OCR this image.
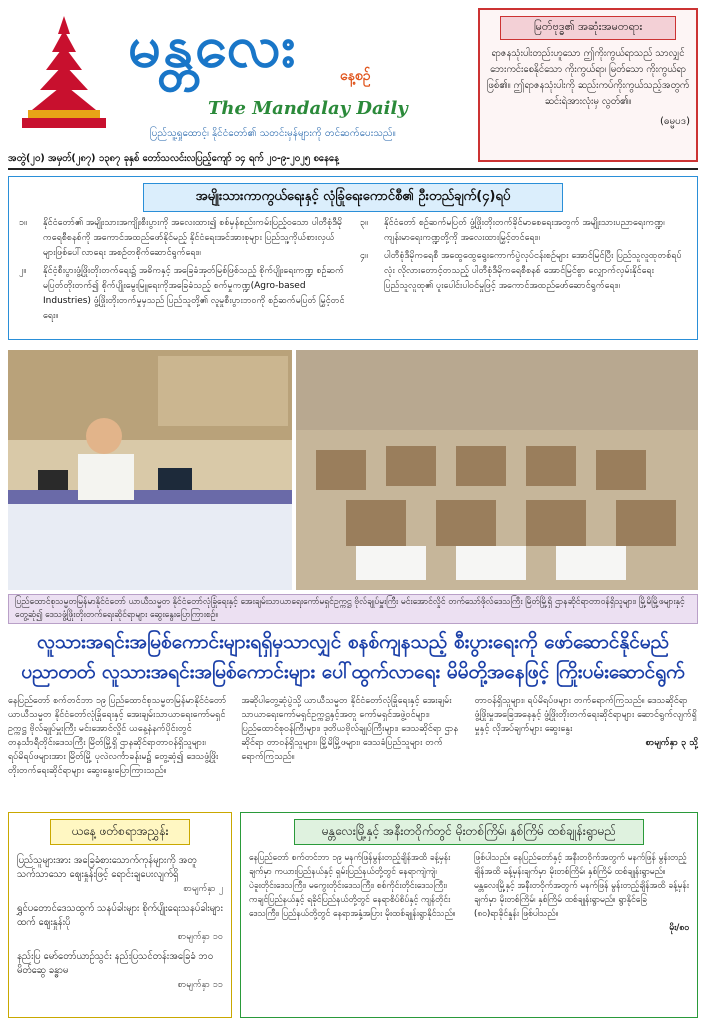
မန္တလေး	နေ့စဉ်
The Mandalay Daily
ပြည်သူ့ရှုထောင့်၊ နိုင်ငံတော်၏ သတင်းမှန်များကို တင်ဆက်ပေးသည်။
မြတ်ဗုဒ္ဓ၏ အဆုံးအမတရား
ရာဇနသုံးပါးတည်းဟူသော ဤကိုးကွယ်ရာသည် သာလျှင် ဘေးကင်းစေနိုင်သော ကိုးကွယ်ရာ၊ မြတ်သော ကိုးကွယ်ရာဖြစ်၏။ ဤရာဇနသုံးပါးကို ဆည်းကပ်ကိုးကွယ်သည့်အတွက် ဆင်းရဲအားလုံးမှ လွတ်၏။
(ဓမ္မပဒ)
အတွဲ(၂၀) အမှတ်(၂၈၇) ၁၃၈၇ ခုနှစ် တော်သလင်းလပြည့်ကျော် ၁၄ ရက် ၂၀-၉-၂၀၂၅ စနေနေ့
အမျိုးသားကာကွယ်ရေးနှင့် လုံခြုံရေးကောင်စီ၏ ဦးတည်ချက်(၄)ရပ်
၁။	နိုင်ငံတော်၏ အမျိုးသားအကျိုးစီးပွားကို အလေးထား၍ စစ်မှန်စည်းကမ်းပြည့်ဝသော ပါတီစုံဒီမိုကရေစီစနစ်ကို အကောင်အထည်ဖော်နိုင်မည့် နိုင်ငံရေးအင်အားစုများ ပြည်သူ့ကိုယ်စားလှယ်များဖြစ်ပေါ်လာရေး အစဉ်တစိုက်ဆောင်ရွက်ရေး။
၂။	နိုင်ငံ့စီးပွားဖွံ့ဖြိုးတိုးတက်ရေး၌ အဓိကနှင့် အခြေခံအုတ်မြစ်ဖြစ်သည့် စိုက်ပျိုးရေးကဏ္ဍ စဉ်ဆက်မပြတ်တိုးတက်၍ စိုက်ပျိုးမွေးမြူရေးကိုအခြေခံသည့် စက်မှုကဏ္ဍ(Agro-based Industries) ဖွံ့ဖြိုးတိုးတက်မှုမှသည် ပြည်သူတို့၏ လူမှုစီးပွားဘဝကို စဉ်ဆက်မပြတ် မြှင့်တင်ရေး။
၃။	နိုင်ငံတော် စဉ်ဆက်မပြတ် ဖွံ့ဖြိုးတိုးတက်ခိုင်မာစေရေးအတွက် အမျိုးသားပညာရေးကဏ္ဍ၊ ကျန်းမာရေးကဏ္ဍတို့ကို အလေးထားမြှင့်တင်ရေး။
၄။	ပါတီစုံဒီမိုကရေစီ အထွေထွေရွေးကောက်ပွဲလုပ်ငန်းစဉ်များ အောင်မြင်ပြီး ပြည်သူလူထုတစ်ရပ်လုံး လိုလားတောင့်တသည့် ပါတီစုံဒီမိုကရေစီစနစ် အောင်မြင်စွာ လျှောက်လှမ်းနိုင်ရေး ပြည်သူလူထု၏ ပူးပေါင်းပါဝင်မှုဖြင့် အကောင်အထည်ဖော်ဆောင်ရွက်ရေး။
ပြည်ထောင်စုသမ္မတမြန်မာနိုင်ငံတော် ယာယီသမ္မတ နိုင်ငံတော်လုံခြုံရေးနှင့် အေးချမ်းသာယာရေးကော်မရှင်ဥက္ကဋ္ဌ ဗိုလ်ချုပ်မှူးကြီး မင်းအောင်လှိုင် တက်သော်ဖိုလ်ဒေသကြီး မြိတ်မြို့ရှိ ဌာနဆိုင်ရာတာဝန်ရှိသူများ၊ မြို့မိမြို့ဖများနှင့် တွေ့ဆုံ၍ ဒေသဖွံ့ဖြိုးတိုးတက်ရေးဆိုင်ရာများ ဆွေးနွေးပြောကြားစဉ်။
လူသားအရင်းအမြစ်ကောင်းများရရှိမှသာလျှင် စနစ်ကျနသည့် စီးပွားရေးကို ဖော်ဆောင်နိုင်မည်
ပညာတတ် လူသားအရင်းအမြစ်ကောင်းများ ပေါ်ထွက်လာရေး မိမိတို့အနေဖြင့် ကြိုးပမ်းဆောင်ရွက်
နေပြည်တော် စက်တင်ဘာ ၁၉ ပြည်ထောင်စုသမ္မတမြန်မာနိုင်ငံတော် ယာယီသမ္မတ နိုင်ငံတော်လုံခြုံရေးနှင့် အေးချမ်းသာယာရေးကော်မရှင်ဥက္ကဋ္ဌ ဗိုလ်ချုပ်မှူးကြီး မင်းအောင်လှိုင် ယနေ့နံနက်ပိုင်းတွင် တနင်္သာရီတိုင်းဒေသကြီး မြိတ်မြို့ရှိ ဌာနဆိုင်ရာတာဝန်ရှိသူများ၊ ရပ်မိရပ်ဖများအား မြိတ်မြို့ ပုလဲလင်္ကာခန်းမ၌ တွေ့ဆုံ၍ ဒေသဖွံ့ဖြိုးတိုးတက်ရေးဆိုင်ရာများ ဆွေးနွေးပြောကြားသည်။
အဆိုပါတွေ့ဆုံပွဲသို့ ယာယီသမ္မတ နိုင်ငံတော်လုံခြုံရေးနှင့် အေးချမ်းသာယာရေးကော်မရှင်ဥက္ကဋ္ဌနှင့်အတူ ကော်မရှင်အဖွဲ့ဝင်များ၊ ပြည်ထောင်စုဝန်ကြီးများ၊ ဒုတိယဗိုလ်ချုပ်ကြီးများ၊ ဒေသဆိုင်ရာ ဌာနဆိုင်ရာ တာဝန်ရှိသူများ၊ မြို့မိမြို့ဖများ၊ ဒေသခံပြည်သူများ တက်ရောက်ကြသည်။
တာဝန်ရှိသူများ၊ ရပ်မိရပ်ဖများ တက်ရောက်ကြသည်။ ဒေသဆိုင်ရာဖွံ့ဖြိုးမှုအခြေအနေနှင့် ဖွံ့ဖြိုးတိုးတက်ရေးဆိုင်ရာများ ဆောင်ရွက်လျက်ရှိမှုနှင့် လိုအပ်ချက်များ ဆွေးနွေး
စာမျက်နှာ ၃ သို့
ယနေ့ ဖတ်စရာအညွှန်း
ပြည်သူများအား အခြေခံစားသောက်ကုန်များကို အတူသက်သာသော ဈေးနှုန်းဖြင့် ရောင်းချပေးလျက်ရှိ
စာမျက်နှာ ၂
ရွှင်ပတောင်ဒေသထွက် သနပ်ခါးများ စိုက်ပျိုးရေးသနပ်ခါးများထက် ဈေးနှုန်းပို
စာမျက်နှာ ၁၀
နည်းပြ မော်တော်ယာဉ်သွင်း နည်းပြသင်တန်းအခြေခံ ဘဝမိတ်ဆွေ ခန္ဓာမ
စာမျက်နှာ ၁၁
မန္တလေးမြို့နှင့် အနီးတဝိုက်တွင် မိုးတစ်ကြိမ်၊ နှစ်ကြိမ် ထစ်ချုန်းရွာမည်
နေပြည်တော် စက်တင်ဘာ ၁၉ မနက်ဖြန်မွန်းတည့်ချိန်အထိ ခန့်မှန်းချက်မှာ ကယားပြည်နယ်နှင့် ရှမ်းပြည်နယ်တို့တွင် နေရာကျဲကျဲ၊ ပဲခူးတိုင်းဒေသကြီး၊ မကွေးတိုင်းဒေသကြီး၊ စစ်ကိုင်းတိုင်းဒေသကြီး၊ ကချင်ပြည်နယ်နှင့် ရခိုင်ပြည်နယ်တို့တွင် နေရာစိပ်စိပ်နှင့် ကျန်တိုင်းဒေသကြီး၊ ပြည်နယ်တို့တွင် နေရာအနှံ့အပြား မိုးထစ်ချုန်းရွာနိုင်သည်။
ဖြစ်ပါသည်။ နေပြည်တော်နှင့် အနီးတဝိုက်အတွက် မနက်ဖြန် မွန်းတည့်ချိန်အထိ ခန့်မှန်းချက်မှာ မိုးတစ်ကြိမ်၊ နှစ်ကြိမ် ထစ်ချုန်းရွာမည်။ မန္တလေးမြို့နှင့် အနီးတဝိုက်အတွက် မနက်ဖြန် မွန်းတည့်ချိန်အထိ ခန့်မှန်းချက်မှာ မိုးတစ်ကြိမ်၊ နှစ်ကြိမ် ထစ်ချုန်းရွာမည်။ ရွာနိုင်ခြေ (၈၀)ရာခိုင်နှုန်း ဖြစ်ပါသည်။
မိုး/၈၀
